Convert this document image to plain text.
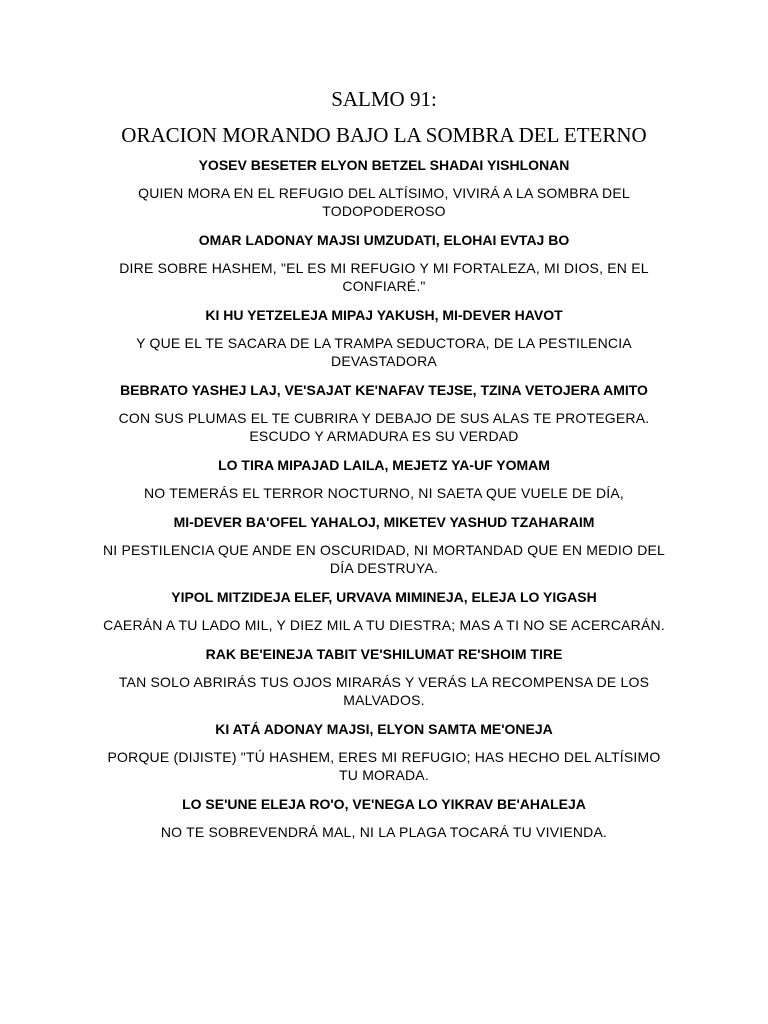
SALMO 91:
ORACION MORANDO BAJO LA SOMBRA DEL ETERNO

YOSEV BESETER ELYON BETZEL SHADAI YISHLONAN

QUIEN MORA EN EL REFUGIO DEL ALTÍSIMO, VIVIRÁ A LA SOMBRA DEL TODOPODEROSO

OMAR LADONAY MAJSI UMZUDATI, ELOHAI EVTAJ BO

DIRE SOBRE HASHEM, "EL ES MI REFUGIO Y MI FORTALEZA, MI DIOS, EN EL CONFIARÉ."

KI HU YETZELEJA MIPAJ YAKUSH, MI-DEVER HAVOT

Y QUE EL TE SACARA DE LA TRAMPA SEDUCTORA, DE LA PESTILENCIA DEVASTADORA

BEBRATO YASHEJ LAJ, VE'SAJAT KE'NAFAV TEJSE, TZINA VETOJERA AMITO

CON SUS PLUMAS EL TE CUBRIRA Y DEBAJO DE SUS ALAS TE PROTEGERA. ESCUDO Y ARMADURA ES SU VERDAD

LO TIRA MIPAJAD LAILA, MEJETZ YA-UF YOMAM

NO TEMERÁS EL TERROR NOCTURNO, NI SAETA QUE VUELE DE DÍA,

MI-DEVER BA'OFEL YAHALOJ, MIKETEV YASHUD TZAHARAIM

NI PESTILENCIA QUE ANDE EN OSCURIDAD, NI MORTANDAD QUE EN MEDIO DEL DÍA DESTRUYA.

YIPOL MITZIDEJA ELEF, URVAVA MIMINEJA, ELEJA LO YIGASH

CAERÁN A TU LADO MIL, Y DIEZ MIL A TU DIESTRA; MAS A TI NO SE ACERCARÁN.

RAK BE'EINEJA TABIT VE'SHILUMAT RE'SHOIM TIRE

TAN SOLO ABRIRÁS TUS OJOS MIRARÁS Y VERÁS LA RECOMPENSA DE LOS MALVADOS.

KI ATÁ ADONAY MAJSI, ELYON SAMTA ME'ONEJA

PORQUE (DIJISTE) "TÚ HASHEM, ERES MI REFUGIO; HAS HECHO DEL ALTÍSIMO TU MORADA.

LO SE'UNE ELEJA RO'O, VE'NEGA LO YIKRAV BE'AHALEJA

NO TE SOBREVENDRÁ MAL, NI LA PLAGA TOCARÁ TU VIVIENDA.
